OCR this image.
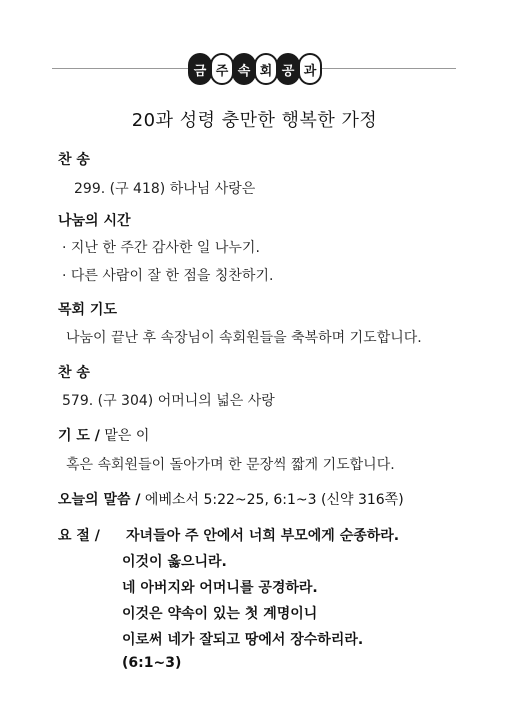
금 주 속 회 공 과
20과 성령 충만한 행복한 가정
찬 송
299. (구 418) 하나님 사랑은
나눔의 시간
· 지난 한 주간 감사한 일 나누기.
· 다른 사람이 잘 한 점을 칭찬하기.
목회 기도
나눔이 끝난 후 속장님이 속회원들을 축복하며 기도합니다.
찬 송
579. (구 304) 어머니의 넓은 사랑
기 도 / 맡은 이
혹은 속회원들이 돌아가며 한 문장씩 짧게 기도합니다.
오늘의 말씀 / 에베소서 5:22~25, 6:1~3 (신약 316쪽)
요 절 / 자녀들아 주 안에서 너희 부모에게 순종하라.
이것이 옳으니라.
네 아버지와 어머니를 공경하라.
이것은 약속이 있는 첫 계명이니
이로써 네가 잘되고 땅에서 장수하리라.
(6:1~3)
